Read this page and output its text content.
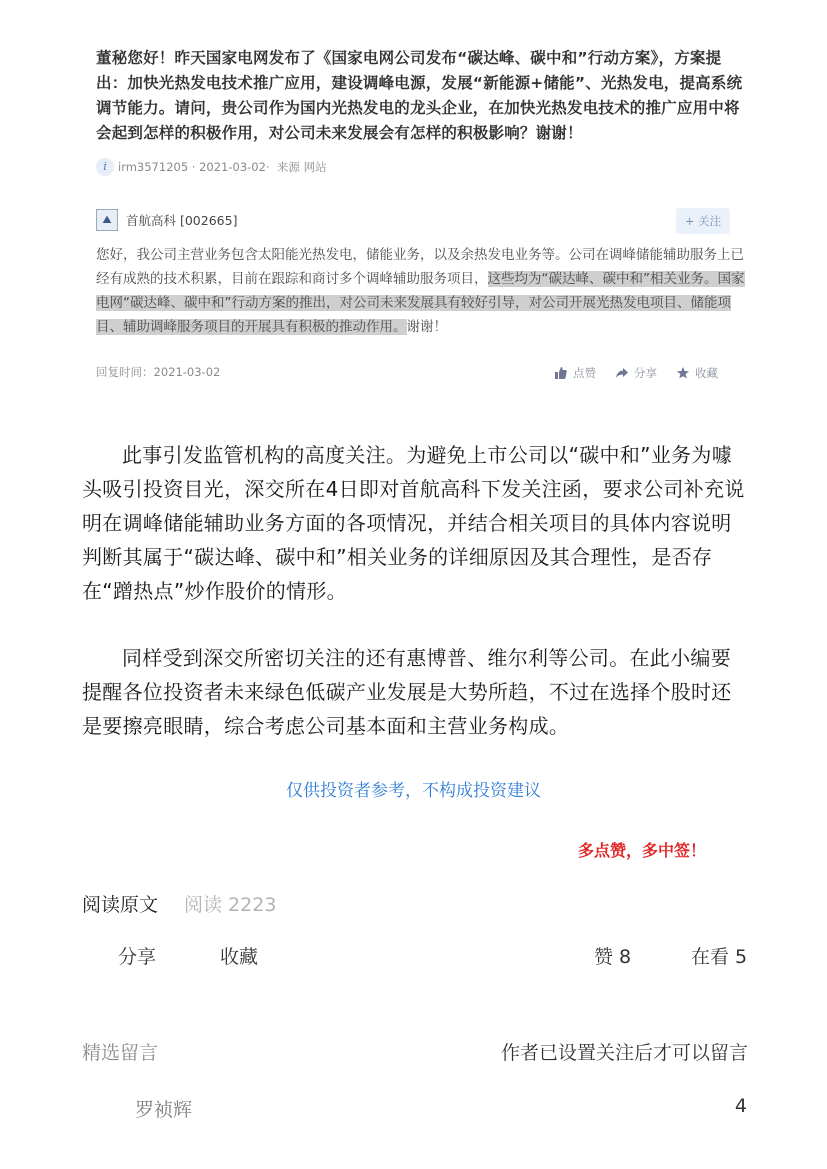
董秘您好！昨天国家电网发布了《国家电网公司发布“碳达峰、碳中和”行动方案》，方案提出：加快光热发电技术推广应用，建设调峰电源，发展“新能源+储能”、光热发电，提高系统调节能力。请问，贵公司作为国内光热发电的龙头企业，在加快光热发电技术的推广应用中将会起到怎样的积极作用，对公司未来发展会有怎样的积极影响？谢谢！
i irm3571205 · 2021-03-02 · 来源 网站
⛰	首航高科 [002665]	+ 关注
您好，我公司主营业务包含太阳能光热发电，储能业务，以及余热发电业务等。公司在调峰储能辅助服务上已经有成熟的技术积累，目前在跟踪和商讨多个调峰辅助服务项目，这些均为“碳达峰、碳中和”相关业务。国家电网“碳达峰、碳中和”行动方案的推出，对公司未来发展具有较好引导，对公司开展光热发电项目、储能项目、辅助调峰服务项目的开展具有积极的推动作用。谢谢！
回复时间：2021-03-02	点赞	分享	收藏
此事引发监管机构的高度关注。为避免上市公司以“碳中和”业务为噱头吸引投资目光，深交所在4日即对首航高科下发关注函，要求公司补充说明在调峰储能辅助业务方面的各项情况，并结合相关项目的具体内容说明判断其属于“碳达峰、碳中和”相关业务的详细原因及其合理性，是否存在“蹭热点”炒作股价的情形。
同样受到深交所密切关注的还有惠博普、维尔利等公司。在此小编要提醒各位投资者未来绿色低碳产业发展是大势所趋，不过在选择个股时还是要擦亮眼睛，综合考虑公司基本面和主营业务构成。
仅供投资者参考，不构成投资建议
多点赞，多中签！
阅读原文 阅读 2223
分享	收藏	赞 8	在看 5
精选留言	作者已设置关注后才可以留言
罗祯辉	4
